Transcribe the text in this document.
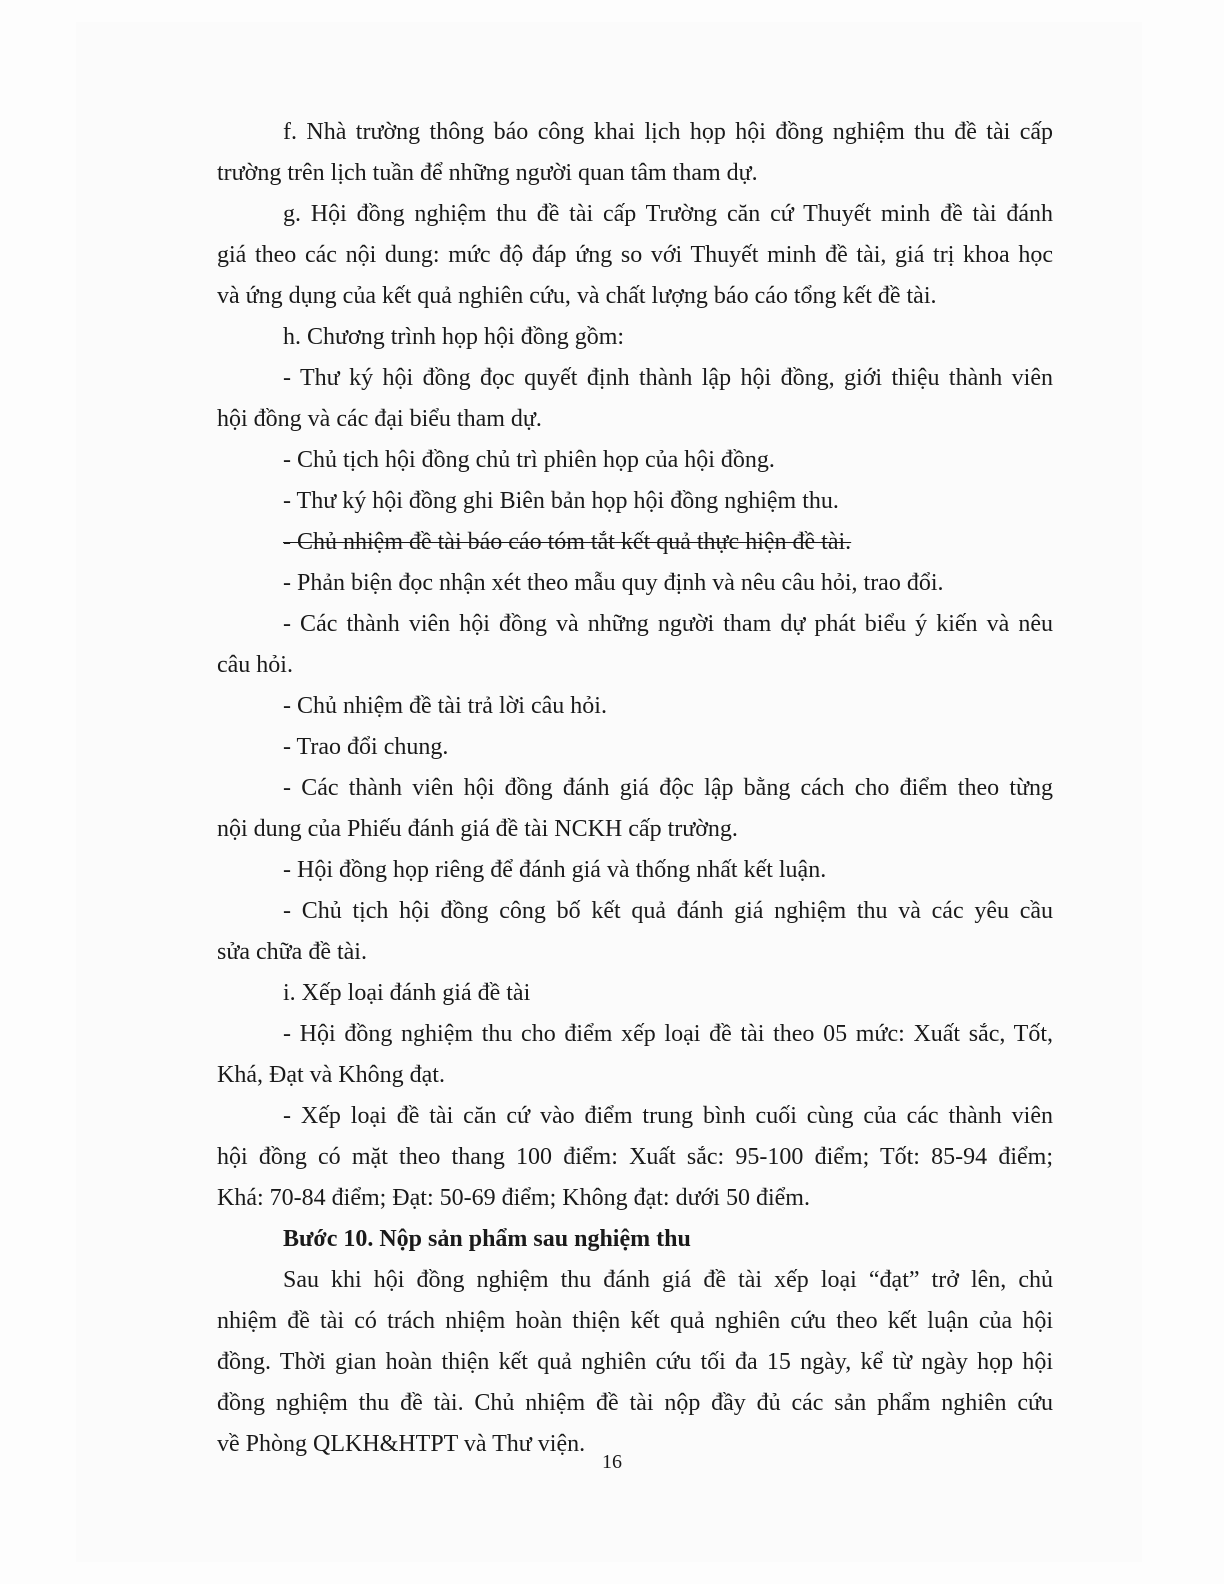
f. Nhà trường thông báo công khai lịch họp hội đồng nghiệm thu đề tài cấp
trường trên lịch tuần để những người quan tâm tham dự.
g. Hội đồng nghiệm thu đề tài cấp Trường căn cứ Thuyết minh đề tài đánh
giá theo các nội dung: mức độ đáp ứng so với Thuyết minh đề tài, giá trị khoa học
và ứng dụng của kết quả nghiên cứu, và chất lượng báo cáo tổng kết đề tài.
h. Chương trình họp hội đồng gồm:
- Thư ký hội đồng đọc quyết định thành lập hội đồng, giới thiệu thành viên
hội đồng và các đại biểu tham dự.
- Chủ tịch hội đồng chủ trì phiên họp của hội đồng.
- Thư ký hội đồng ghi Biên bản họp hội đồng nghiệm thu.
- Chủ nhiệm đề tài báo cáo tóm tắt kết quả thực hiện đề tài.
- Phản biện đọc nhận xét theo mẫu quy định và nêu câu hỏi, trao đổi.
- Các thành viên hội đồng và những người tham dự phát biểu ý kiến và nêu
câu hỏi.
- Chủ nhiệm đề tài trả lời câu hỏi.
- Trao đổi chung.
- Các thành viên hội đồng đánh giá độc lập bằng cách cho điểm theo từng
nội dung của Phiếu đánh giá đề tài NCKH cấp trường.
- Hội đồng họp riêng để đánh giá và thống nhất kết luận.
- Chủ tịch hội đồng công bố kết quả đánh giá nghiệm thu và các yêu cầu
sửa chữa đề tài.
i. Xếp loại đánh giá đề tài
- Hội đồng nghiệm thu cho điểm xếp loại đề tài theo 05 mức: Xuất sắc, Tốt,
Khá, Đạt và Không đạt.
- Xếp loại đề tài căn cứ vào điểm trung bình cuối cùng của các thành viên
hội đồng có mặt theo thang 100 điểm: Xuất sắc: 95-100 điểm; Tốt: 85-94 điểm;
Khá: 70-84 điểm; Đạt: 50-69 điểm; Không đạt: dưới 50 điểm.
Bước 10. Nộp sản phẩm sau nghiệm thu
Sau khi hội đồng nghiệm thu đánh giá đề tài xếp loại “đạt” trở lên, chủ
nhiệm đề tài có trách nhiệm hoàn thiện kết quả nghiên cứu theo kết luận của hội
đồng. Thời gian hoàn thiện kết quả nghiên cứu tối đa 15 ngày, kể từ ngày họp hội
đồng nghiệm thu đề tài. Chủ nhiệm đề tài nộp đầy đủ các sản phẩm nghiên cứu
về Phòng QLKH&HTPT và Thư viện.
16
